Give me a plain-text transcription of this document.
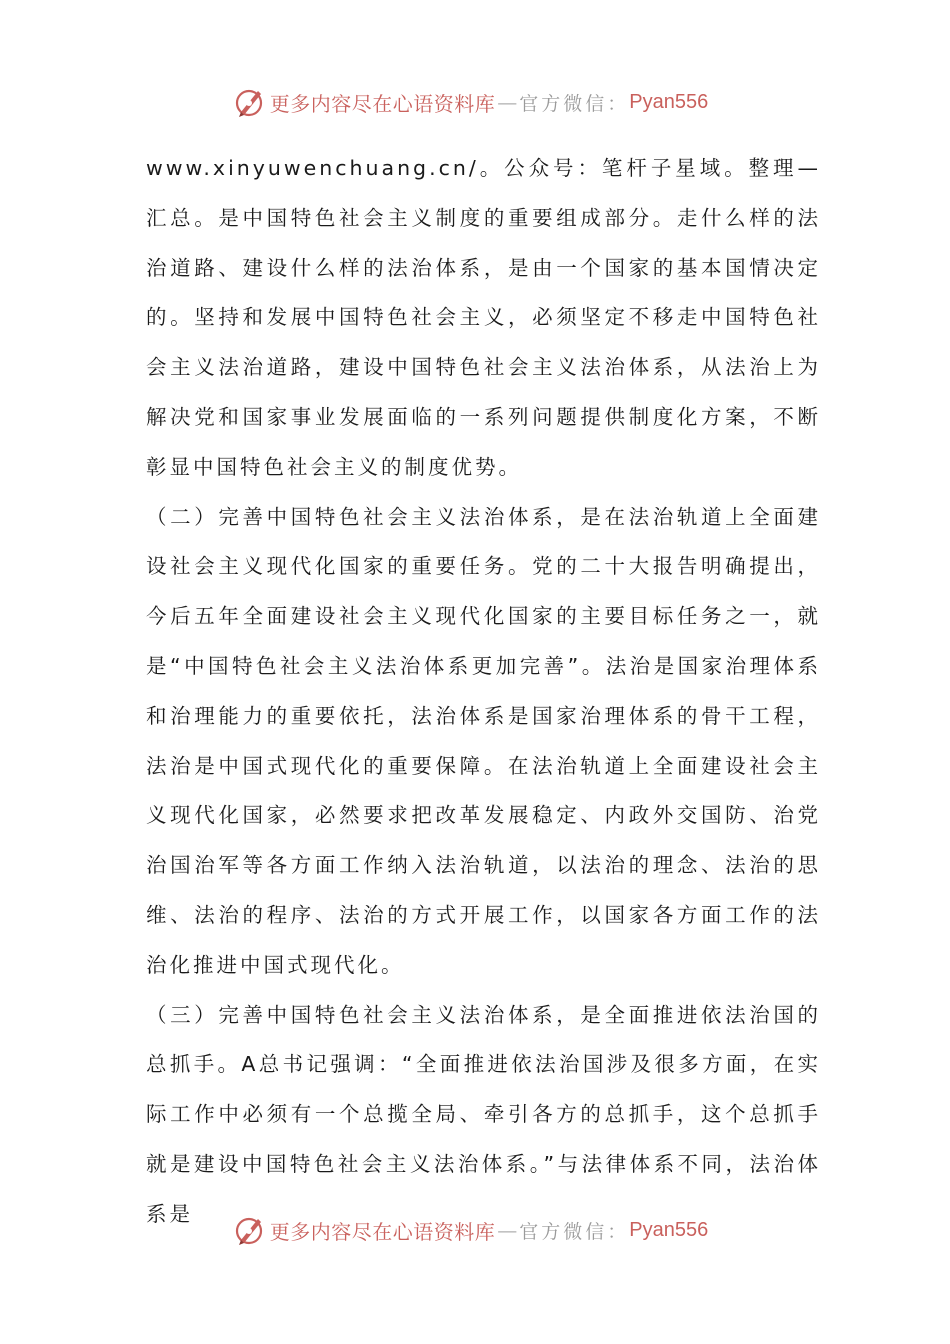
更多内容尽在心语资料库 — 官方微信： Pyan556

www.xinyuwenchuang.cn/。公众号：笔杆子星域。整理—汇总。是中国特色社会主义制度的重要组成部分。走什么样的法治道路、建设什么样的法治体系，是由一个国家的基本国情决定的。坚持和发展中国特色社会主义，必须坚定不移走中国特色社会主义法治道路，建设中国特色社会主义法治体系，从法治上为解决党和国家事业发展面临的一系列问题提供制度化方案，不断彰显中国特色社会主义的制度优势。

（二）完善中国特色社会主义法治体系，是在法治轨道上全面建设社会主义现代化国家的重要任务。党的二十大报告明确提出，今后五年全面建设社会主义现代化国家的主要目标任务之一，就是“中国特色社会主义法治体系更加完善”。法治是国家治理体系和治理能力的重要依托，法治体系是国家治理体系的骨干工程，法治是中国式现代化的重要保障。在法治轨道上全面建设社会主义现代化国家，必然要求把改革发展稳定、内政外交国防、治党治国治军等各方面工作纳入法治轨道，以法治的理念、法治的思维、法治的程序、法治的方式开展工作，以国家各方面工作的法治化推进中国式现代化。

（三）完善中国特色社会主义法治体系，是全面推进依法治国的总抓手。A总书记强调：“全面推进依法治国涉及很多方面，在实际工作中必须有一个总揽全局、牵引各方的总抓手，这个总抓手就是建设中国特色社会主义法治体系。”与法律体系不同，法治体系是

更多内容尽在心语资料库 — 官方微信： Pyan556
